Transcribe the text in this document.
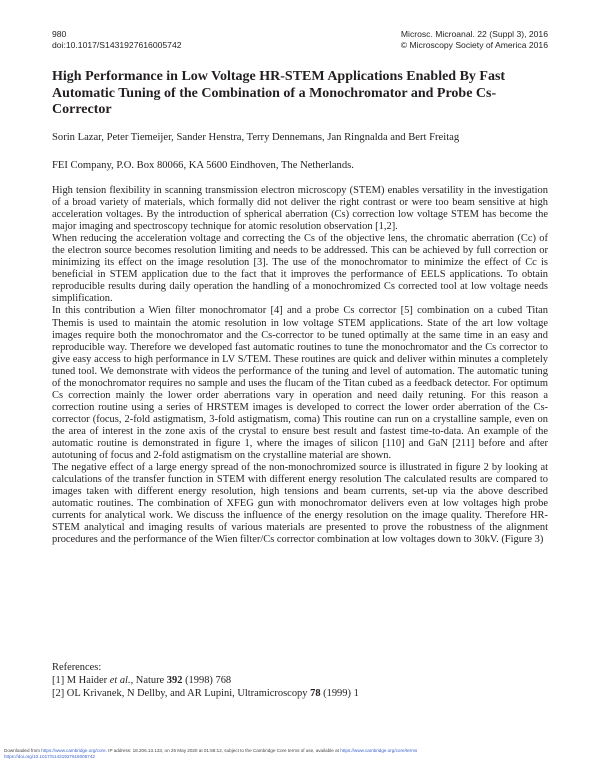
980
doi:10.1017/S1431927616005742
Microsc. Microanal. 22 (Suppl 3), 2016
© Microscopy Society of America 2016
High Performance in Low Voltage HR-STEM Applications Enabled By Fast Automatic Tuning of the Combination of a Monochromator and Probe Cs-Corrector
Sorin Lazar, Peter Tiemeijer, Sander Henstra, Terry Dennemans, Jan Ringnalda and Bert Freitag
FEI Company, P.O. Box 80066, KA 5600 Eindhoven, The Netherlands.

High tension flexibility in scanning transmission electron microscopy (STEM) enables versatility in the investigation of a broad variety of materials, which formally did not deliver the right contrast or were too beam sensitive at high acceleration voltages. By the introduction of spherical aberration (Cs) correction low voltage STEM has become the major imaging and spectroscopy technique for atomic resolution observation [1,2].

When reducing the acceleration voltage and correcting the Cs of the objective lens, the chromatic aberration (Cc) of the electron source becomes resolution limiting and needs to be addressed. This can be achieved by full correction or minimizing its effect on the image resolution [3]. The use of the monochromator to minimize the effect of Cc is beneficial in STEM application due to the fact that it improves the performance of EELS applications. To obtain reproducible results during daily operation the handling of a monochromized Cs corrected tool at low voltage needs simplification.

In this contribution a Wien filter monochromator [4] and a probe Cs corrector [5] combination on a cubed Titan Themis is used to maintain the atomic resolution in low voltage STEM applications. State of the art low voltage images require both the monochromator and the Cs-corrector to be tuned optimally at the same time in an easy and reproducible way. Therefore we developed fast automatic routines to tune the monochromator and the Cs corrector to give easy access to high performance in LV S/TEM. These routines are quick and deliver within minutes a completely tuned tool. We demonstrate with videos the performance of the tuning and level of automation. The automatic tuning of the monochromator requires no sample and uses the flucam of the Titan cubed as a feedback detector. For optimum Cs correction mainly the lower order aberrations vary in operation and need daily retuning. For this reason a correction routine using a series of HRSTEM images is developed to correct the lower order aberration of the Cs-corrector (focus, 2-fold astigmatism, 3-fold astigmatism, coma) This routine can run on a crystalline sample, even on the area of interest in the zone axis of the crystal to ensure best result and fastest time-to-data. An example of the automatic routine is demonstrated in figure 1, where the images of silicon [110] and GaN [211] before and after autotuning of focus and 2-fold astigmatism on the crystalline material are shown.

The negative effect of a large energy spread of the non-monochromized source is illustrated in figure 2 by looking at calculations of the transfer function in STEM with different energy resolution The calculated results are compared to images taken with different energy resolution, high tensions and beam currents, set-up via the above described automatic routines. The combination of XFEG gun with monochromator delivers even at low voltages high probe currents for analytical work. We discuss the influence of the energy resolution on the image quality. Therefore HR-STEM analytical and imaging results of various materials are presented to prove the robustness of the alignment procedures and the performance of the Wien filter/Cs corrector combination at low voltages down to 30kV. (Figure 3)

References:
[1] M Haider et al., Nature 392 (1998) 768
[2] OL Krivanek, N Dellby, and AR Lupini, Ultramicroscopy 78 (1999) 1
Downloaded from https://www.cambridge.org/core. IP address: 18.206.13.133, on 25 May 2020 at 01:58:12, subject to the Cambridge Core terms of use, available at https://www.cambridge.org/core/terms
https://doi.org/10.1017/S1431927616005742
